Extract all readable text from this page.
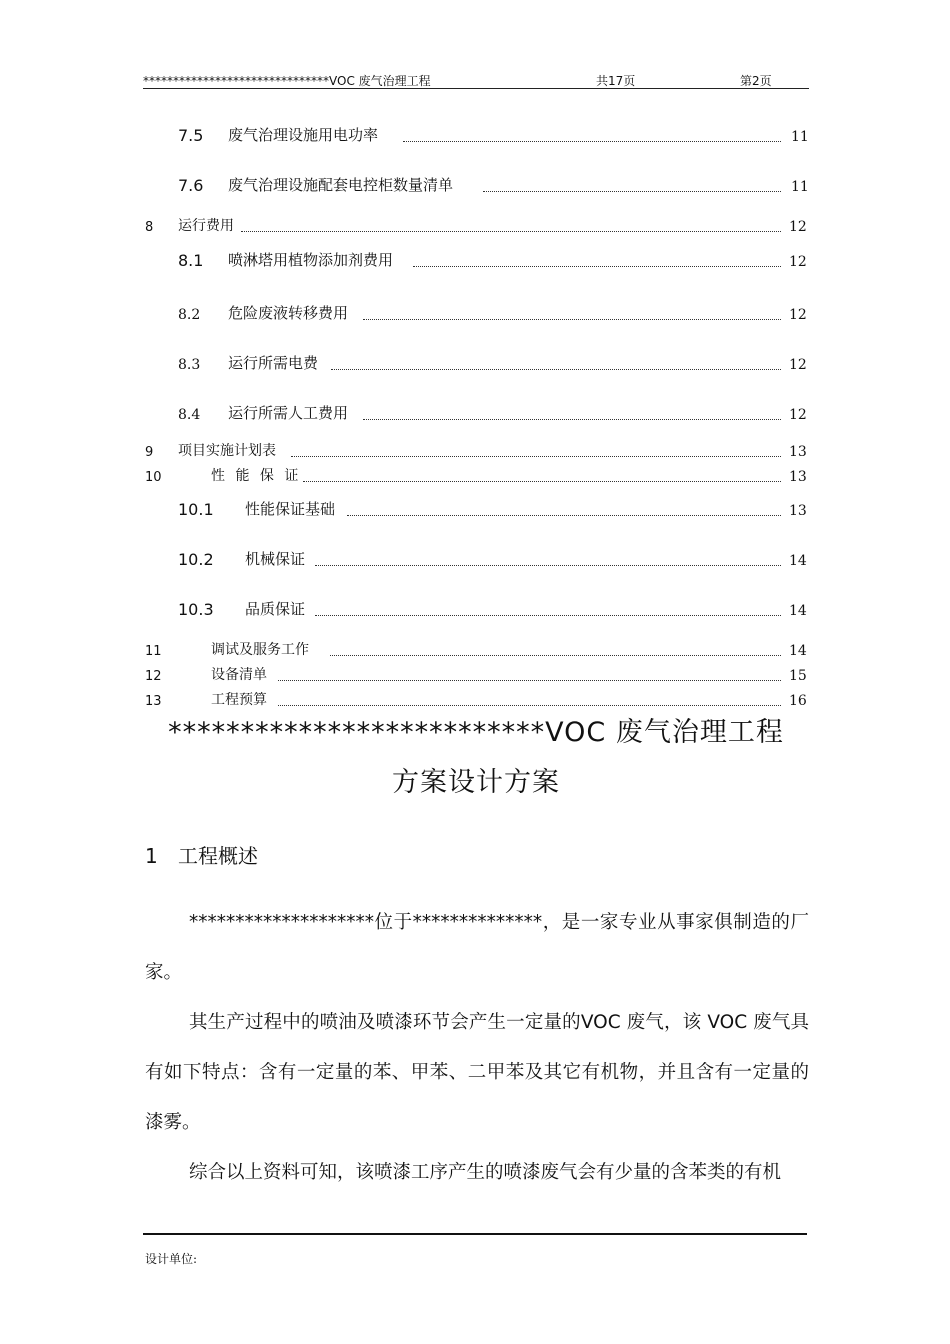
*******************************VOC 废气治理工程	共17页	第2页
7.5 废气治理设施用电功率	11
7.6 废气治理设施配套电控柜数量清单	11
8 运行费用	12
8.1 喷淋塔用植物添加剂费用	12
8.2 危险废液转移费用	12
8.3 运行所需电费	12
8.4 运行所需人工费用	12
9 项目实施计划表	13
10	性 能 保 证	13
10.1 性能保证基础	13
10.2 机械保证	14
10.3 品质保证	14
11	调试及服务工作	14
12	设备清单	15
13	工程预算	16
**************************VOC 废气治理工程
方案设计方案
1 工程概述

********************位于**************，是一家专业从事家俱制造的厂家。

其生产过程中的喷油及喷漆环节会产生一定量的VOC 废气，该 VOC 废气具有如下特点：含有一定量的苯、甲苯、二甲苯及其它有机物，并且含有一定量的漆雾。

综合以上资料可知，该喷漆工序产生的喷漆废气会有少量的含苯类的有机

设计单位:
